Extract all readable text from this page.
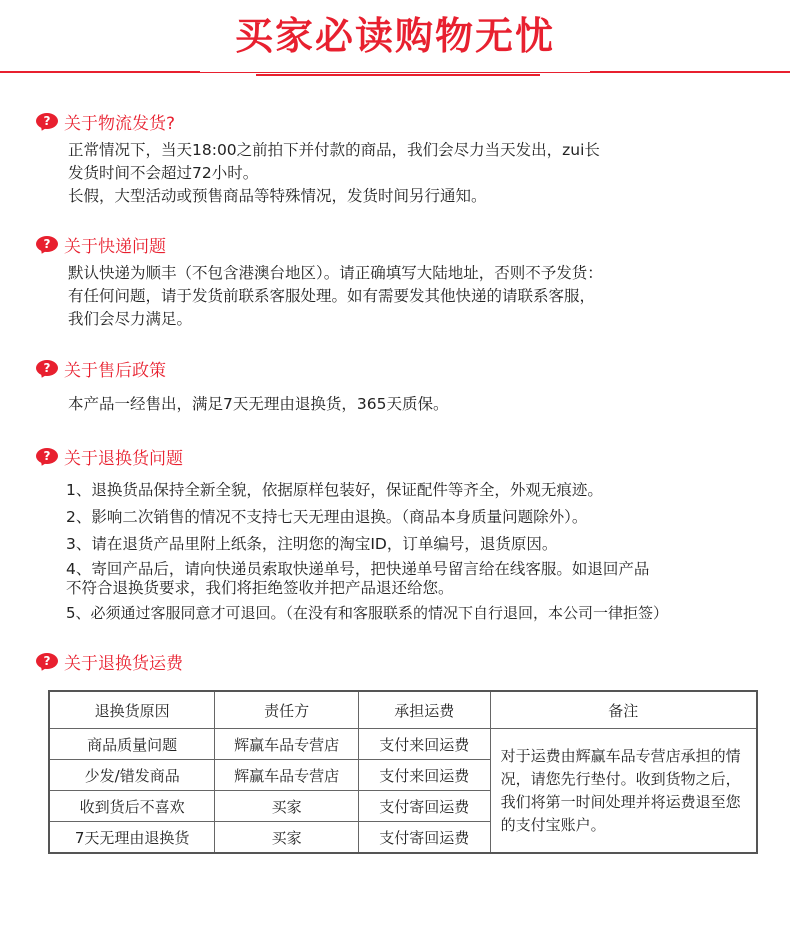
买家必读购物无忧
? 关于物流发货?

正常情况下，当天18:00之前拍下并付款的商品，我们会尽力当天发出，zui长

发货时间不会超过72小时。

长假，大型活动或预售商品等特殊情况，发货时间另行通知。

? 关于快递问题

默认快递为顺丰（不包含港澳台地区）。请正确填写大陆地址，否则不予发货：

有任何问题，请于发货前联系客服处理。如有需要发其他快递的请联系客服，

我们会尽力满足。

? 关于售后政策

本产品一经售出，满足7天无理由退换货，365天质保。

? 关于退换货问题
1、退换货品保持全新全貌，依据原样包装好，保证配件等齐全，外观无痕迹。
2、影响二次销售的情况不支持七天无理由退换。（商品本身质量问题除外）。
3、请在退货产品里附上纸条，注明您的淘宝ID，订单编号，退货原因。
4、寄回产品后，请向快递员索取快递单号，把快递单号留言给在线客服。如退回产品
不符合退换货要求，我们将拒绝签收并把产品退还给您。
5、必须通过客服同意才可退回。（在没有和客服联系的情况下自行退回，本公司一律拒签）
? 关于退换货运费
退换货原因	责任方	承担运费	备注
商品质量问题	辉赢车品专营店	支付来回运费	对于运费由辉赢车品专营店承担的情况，请您先行垫付。收到货物之后，我们将第一时间处理并将运费退至您的支付宝账户。
少发/错发商品	辉赢车品专营店	支付来回运费	
收到货后不喜欢	买家	支付寄回运费	
7天无理由退换货	买家	支付寄回运费	
